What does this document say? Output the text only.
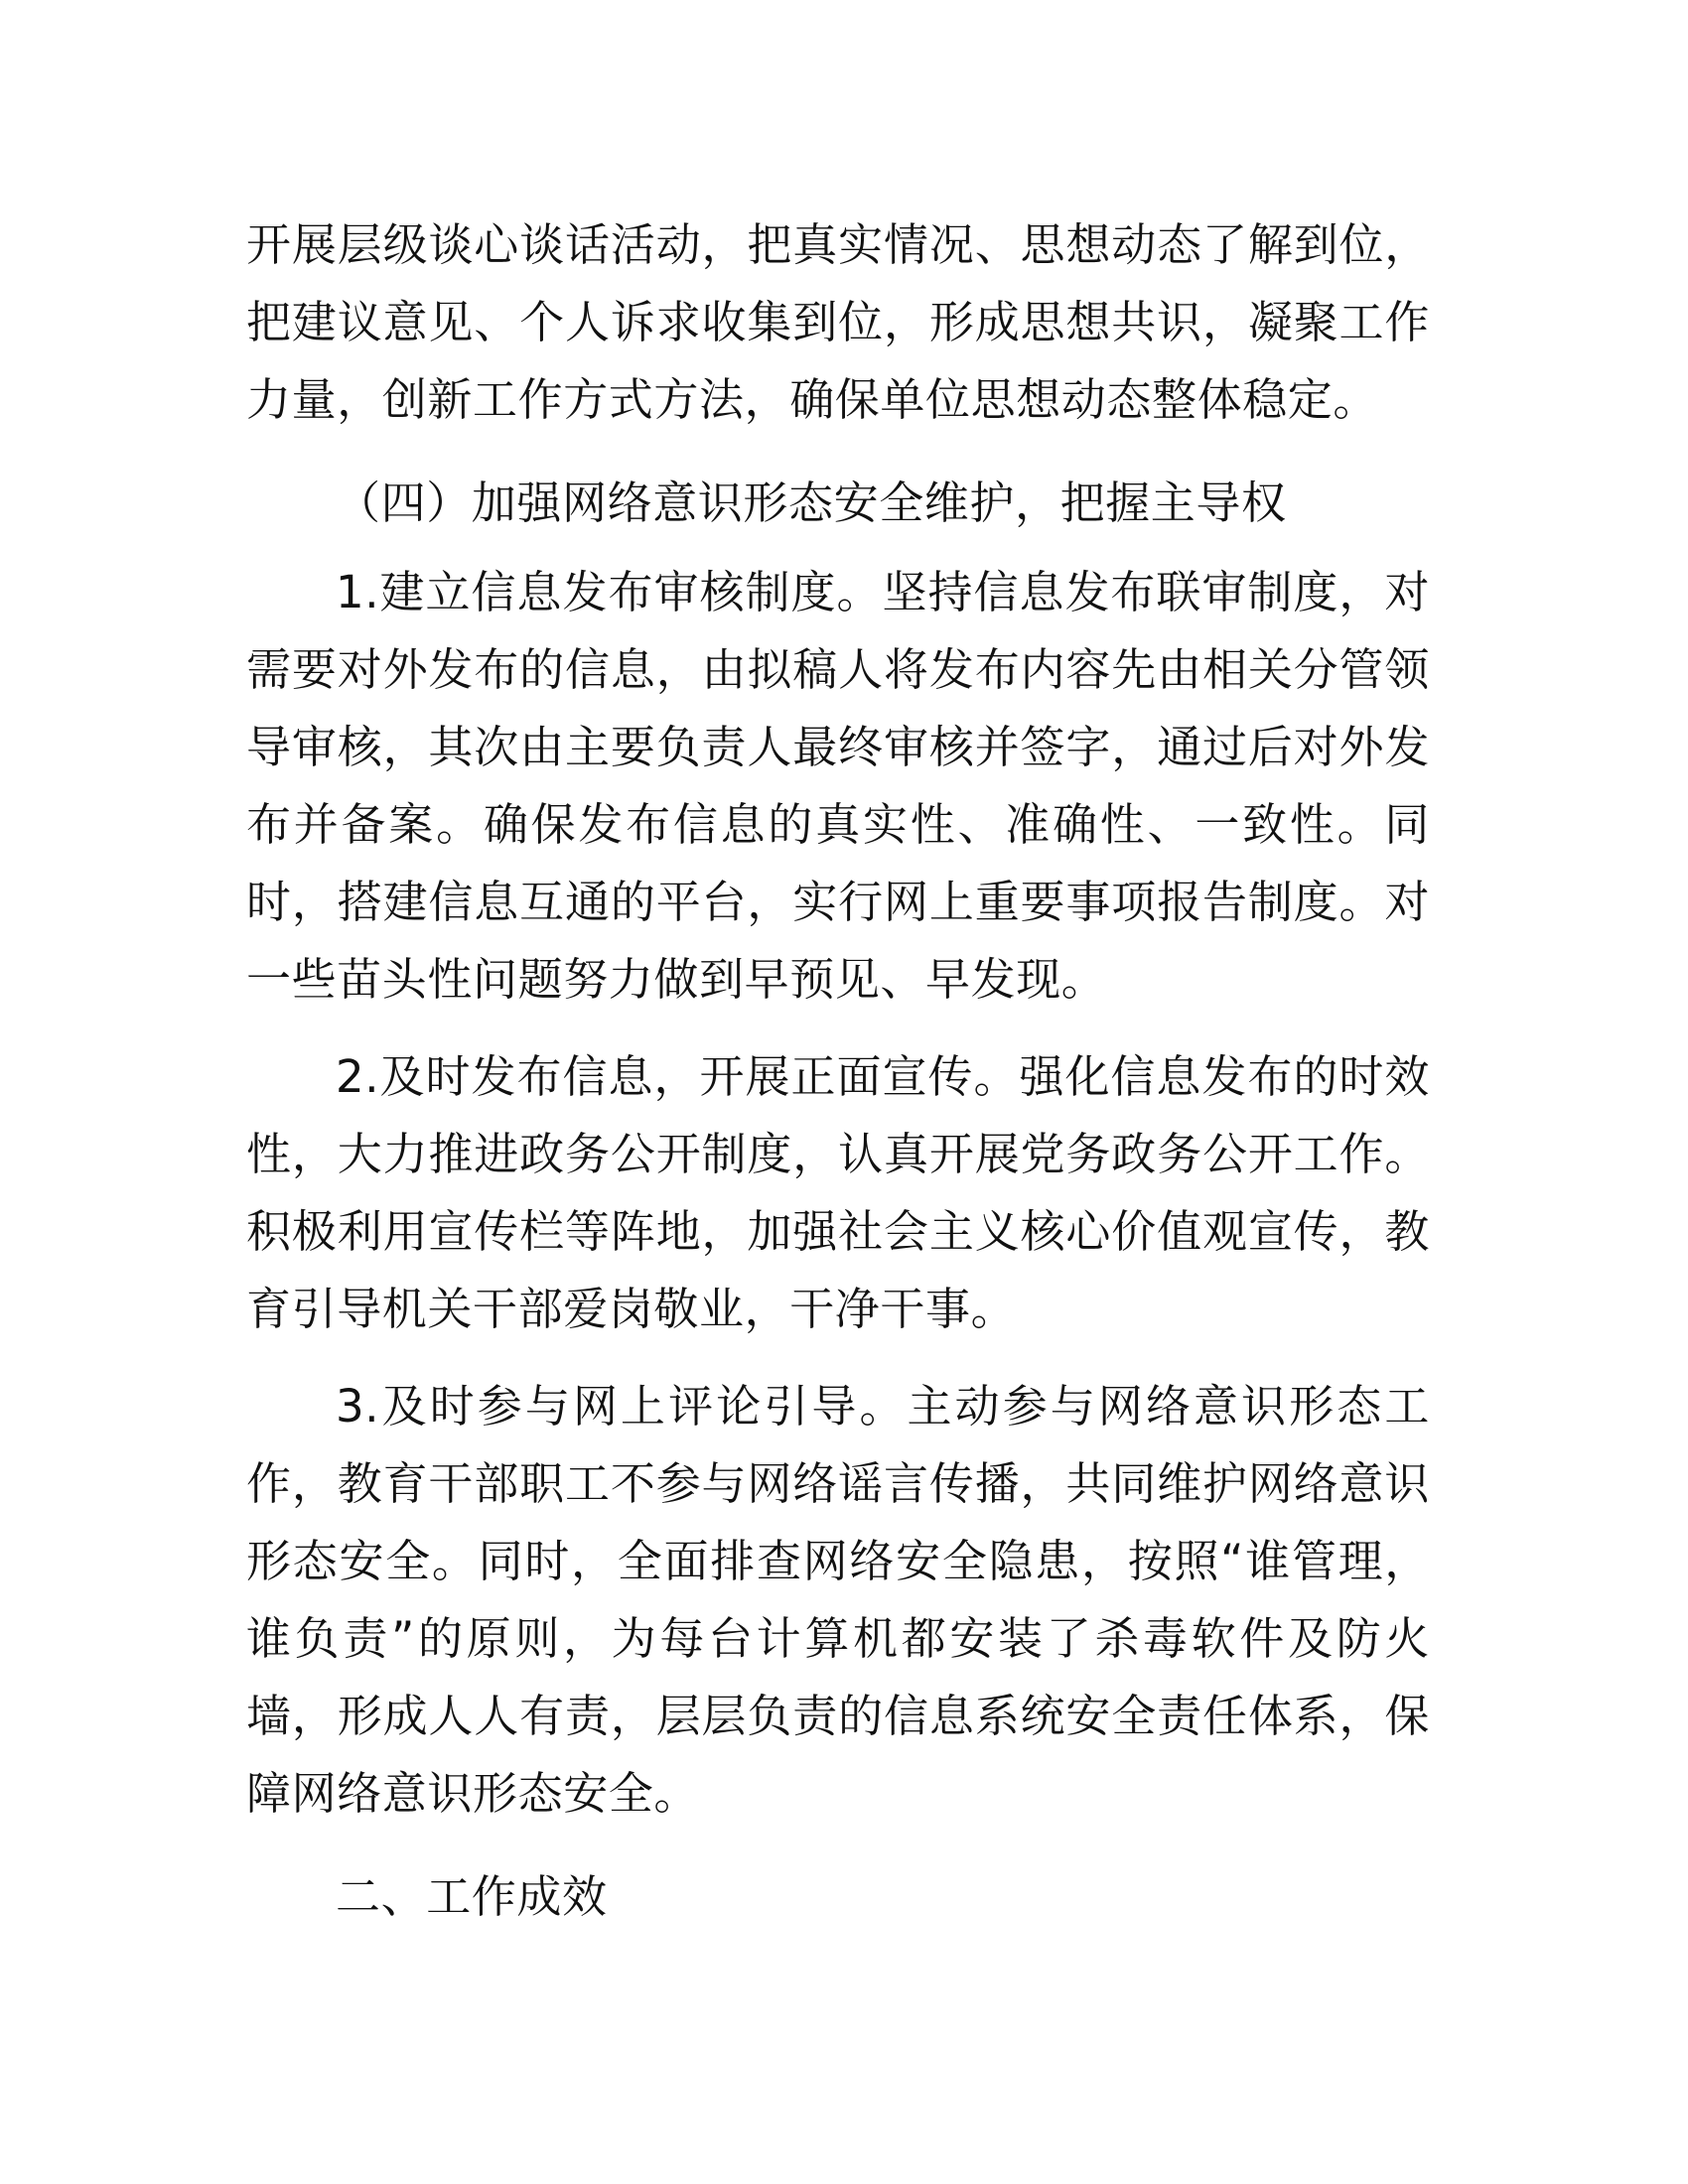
开展层级谈心谈话活动，把真实情况、思想动态了解到位，把建议意见、个人诉求收集到位，形成思想共识，凝聚工作力量，创新工作方式方法，确保单位思想动态整体稳定。

（四）加强网络意识形态安全维护，把握主导权

1.建立信息发布审核制度。坚持信息发布联审制度，对需要对外发布的信息，由拟稿人将发布内容先由相关分管领导审核，其次由主要负责人最终审核并签字，通过后对外发布并备案。确保发布信息的真实性、准确性、一致性。同时，搭建信息互通的平台，实行网上重要事项报告制度。对一些苗头性问题努力做到早预见、早发现。

2.及时发布信息，开展正面宣传。强化信息发布的时效性，大力推进政务公开制度，认真开展党务政务公开工作。积极利用宣传栏等阵地，加强社会主义核心价值观宣传，教育引导机关干部爱岗敬业，干净干事。

3.及时参与网上评论引导。主动参与网络意识形态工作，教育干部职工不参与网络谣言传播，共同维护网络意识形态安全。同时，全面排查网络安全隐患，按照“谁管理，谁负责”的原则，为每台计算机都安装了杀毒软件及防火墙，形成人人有责，层层负责的信息系统安全责任体系，保障网络意识形态安全。

二、工作成效
